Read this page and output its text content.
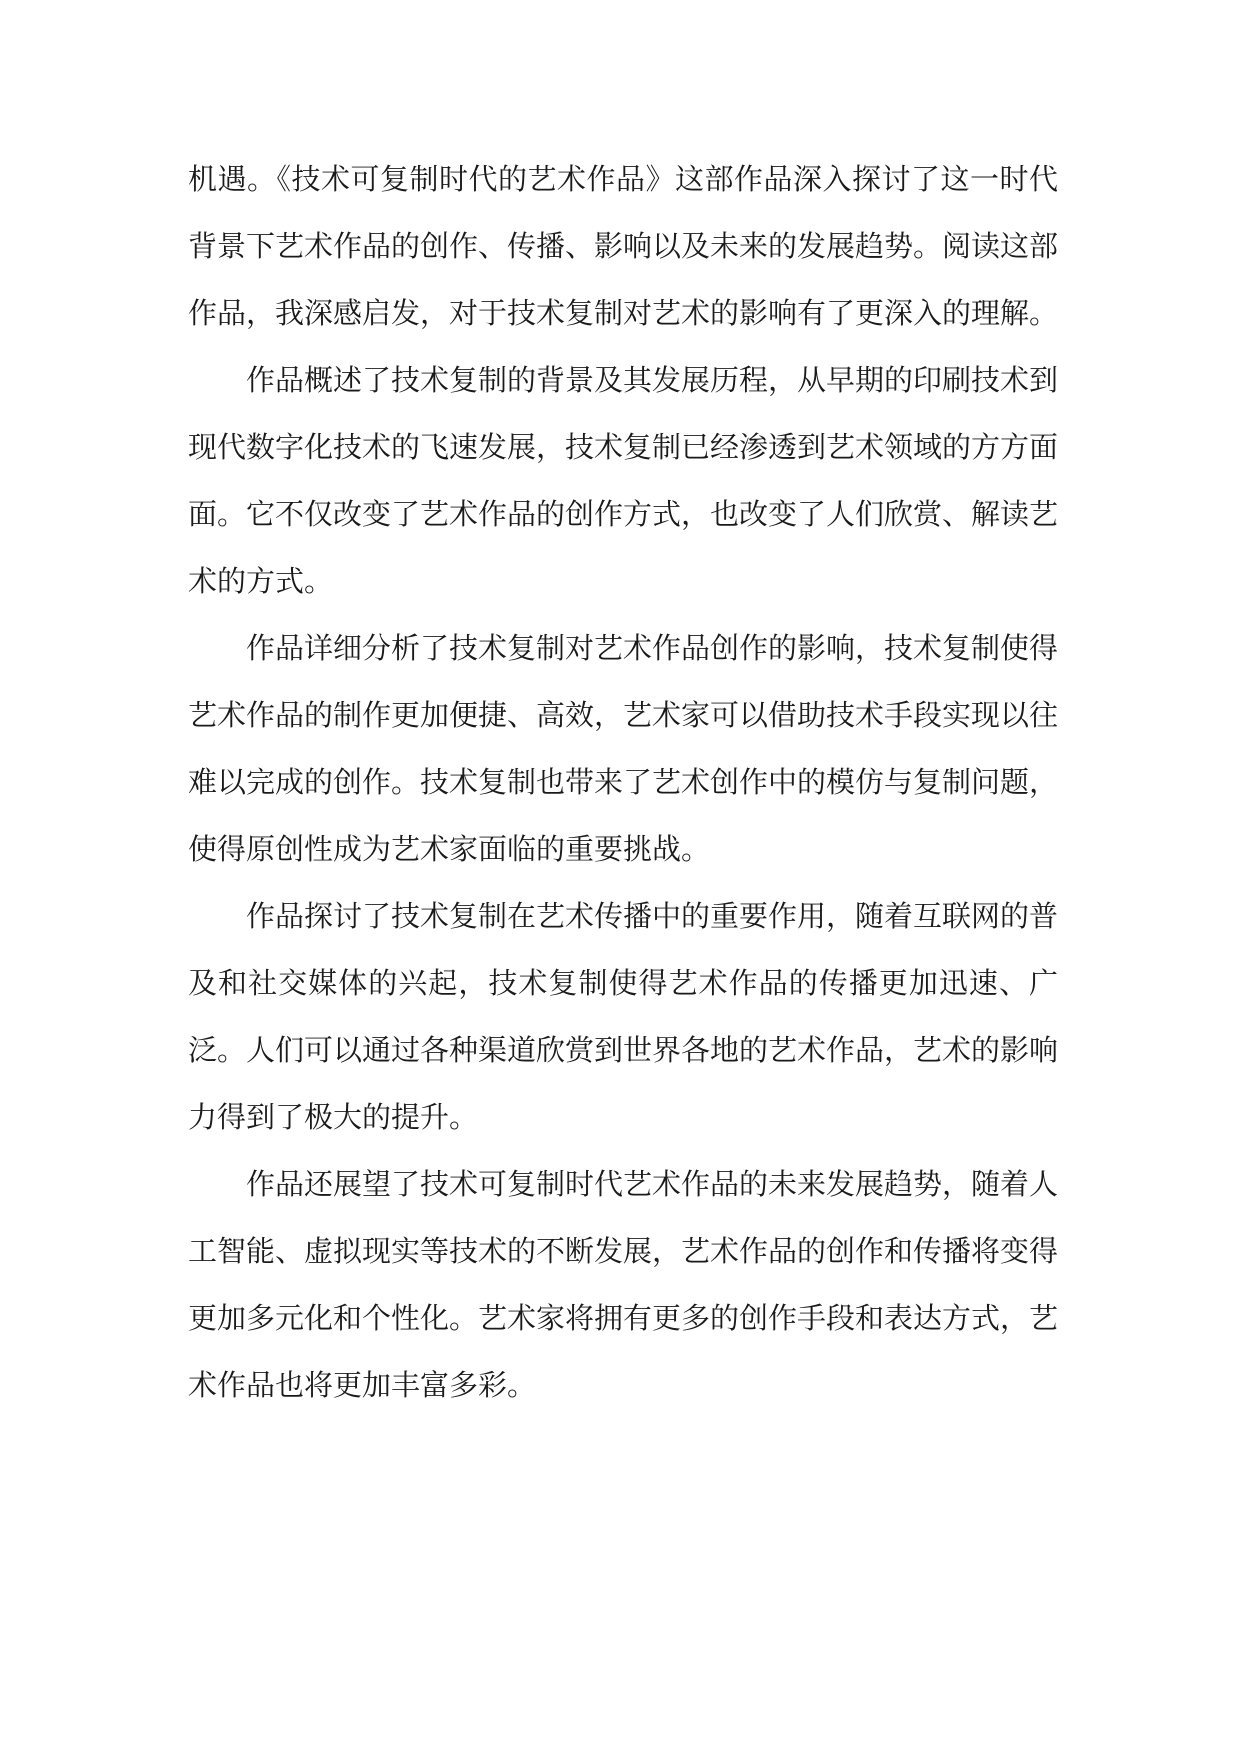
机遇。《技术可复制时代的艺术作品》这部作品深入探讨了这一时代背景下艺术作品的创作、传播、影响以及未来的发展趋势。阅读这部作品，我深感启发，对于技术复制对艺术的影响有了更深入的理解。

作品概述了技术复制的背景及其发展历程，从早期的印刷技术到现代数字化技术的飞速发展，技术复制已经渗透到艺术领域的方方面面。它不仅改变了艺术作品的创作方式，也改变了人们欣赏、解读艺术的方式。

作品详细分析了技术复制对艺术作品创作的影响，技术复制使得艺术作品的制作更加便捷、高效，艺术家可以借助技术手段实现以往难以完成的创作。技术复制也带来了艺术创作中的模仿与复制问题，使得原创性成为艺术家面临的重要挑战。

作品探讨了技术复制在艺术传播中的重要作用，随着互联网的普及和社交媒体的兴起，技术复制使得艺术作品的传播更加迅速、广泛。人们可以通过各种渠道欣赏到世界各地的艺术作品，艺术的影响力得到了极大的提升。

作品还展望了技术可复制时代艺术作品的未来发展趋势，随着人工智能、虚拟现实等技术的不断发展，艺术作品的创作和传播将变得更加多元化和个性化。艺术家将拥有更多的创作手段和表达方式，艺术作品也将更加丰富多彩。
